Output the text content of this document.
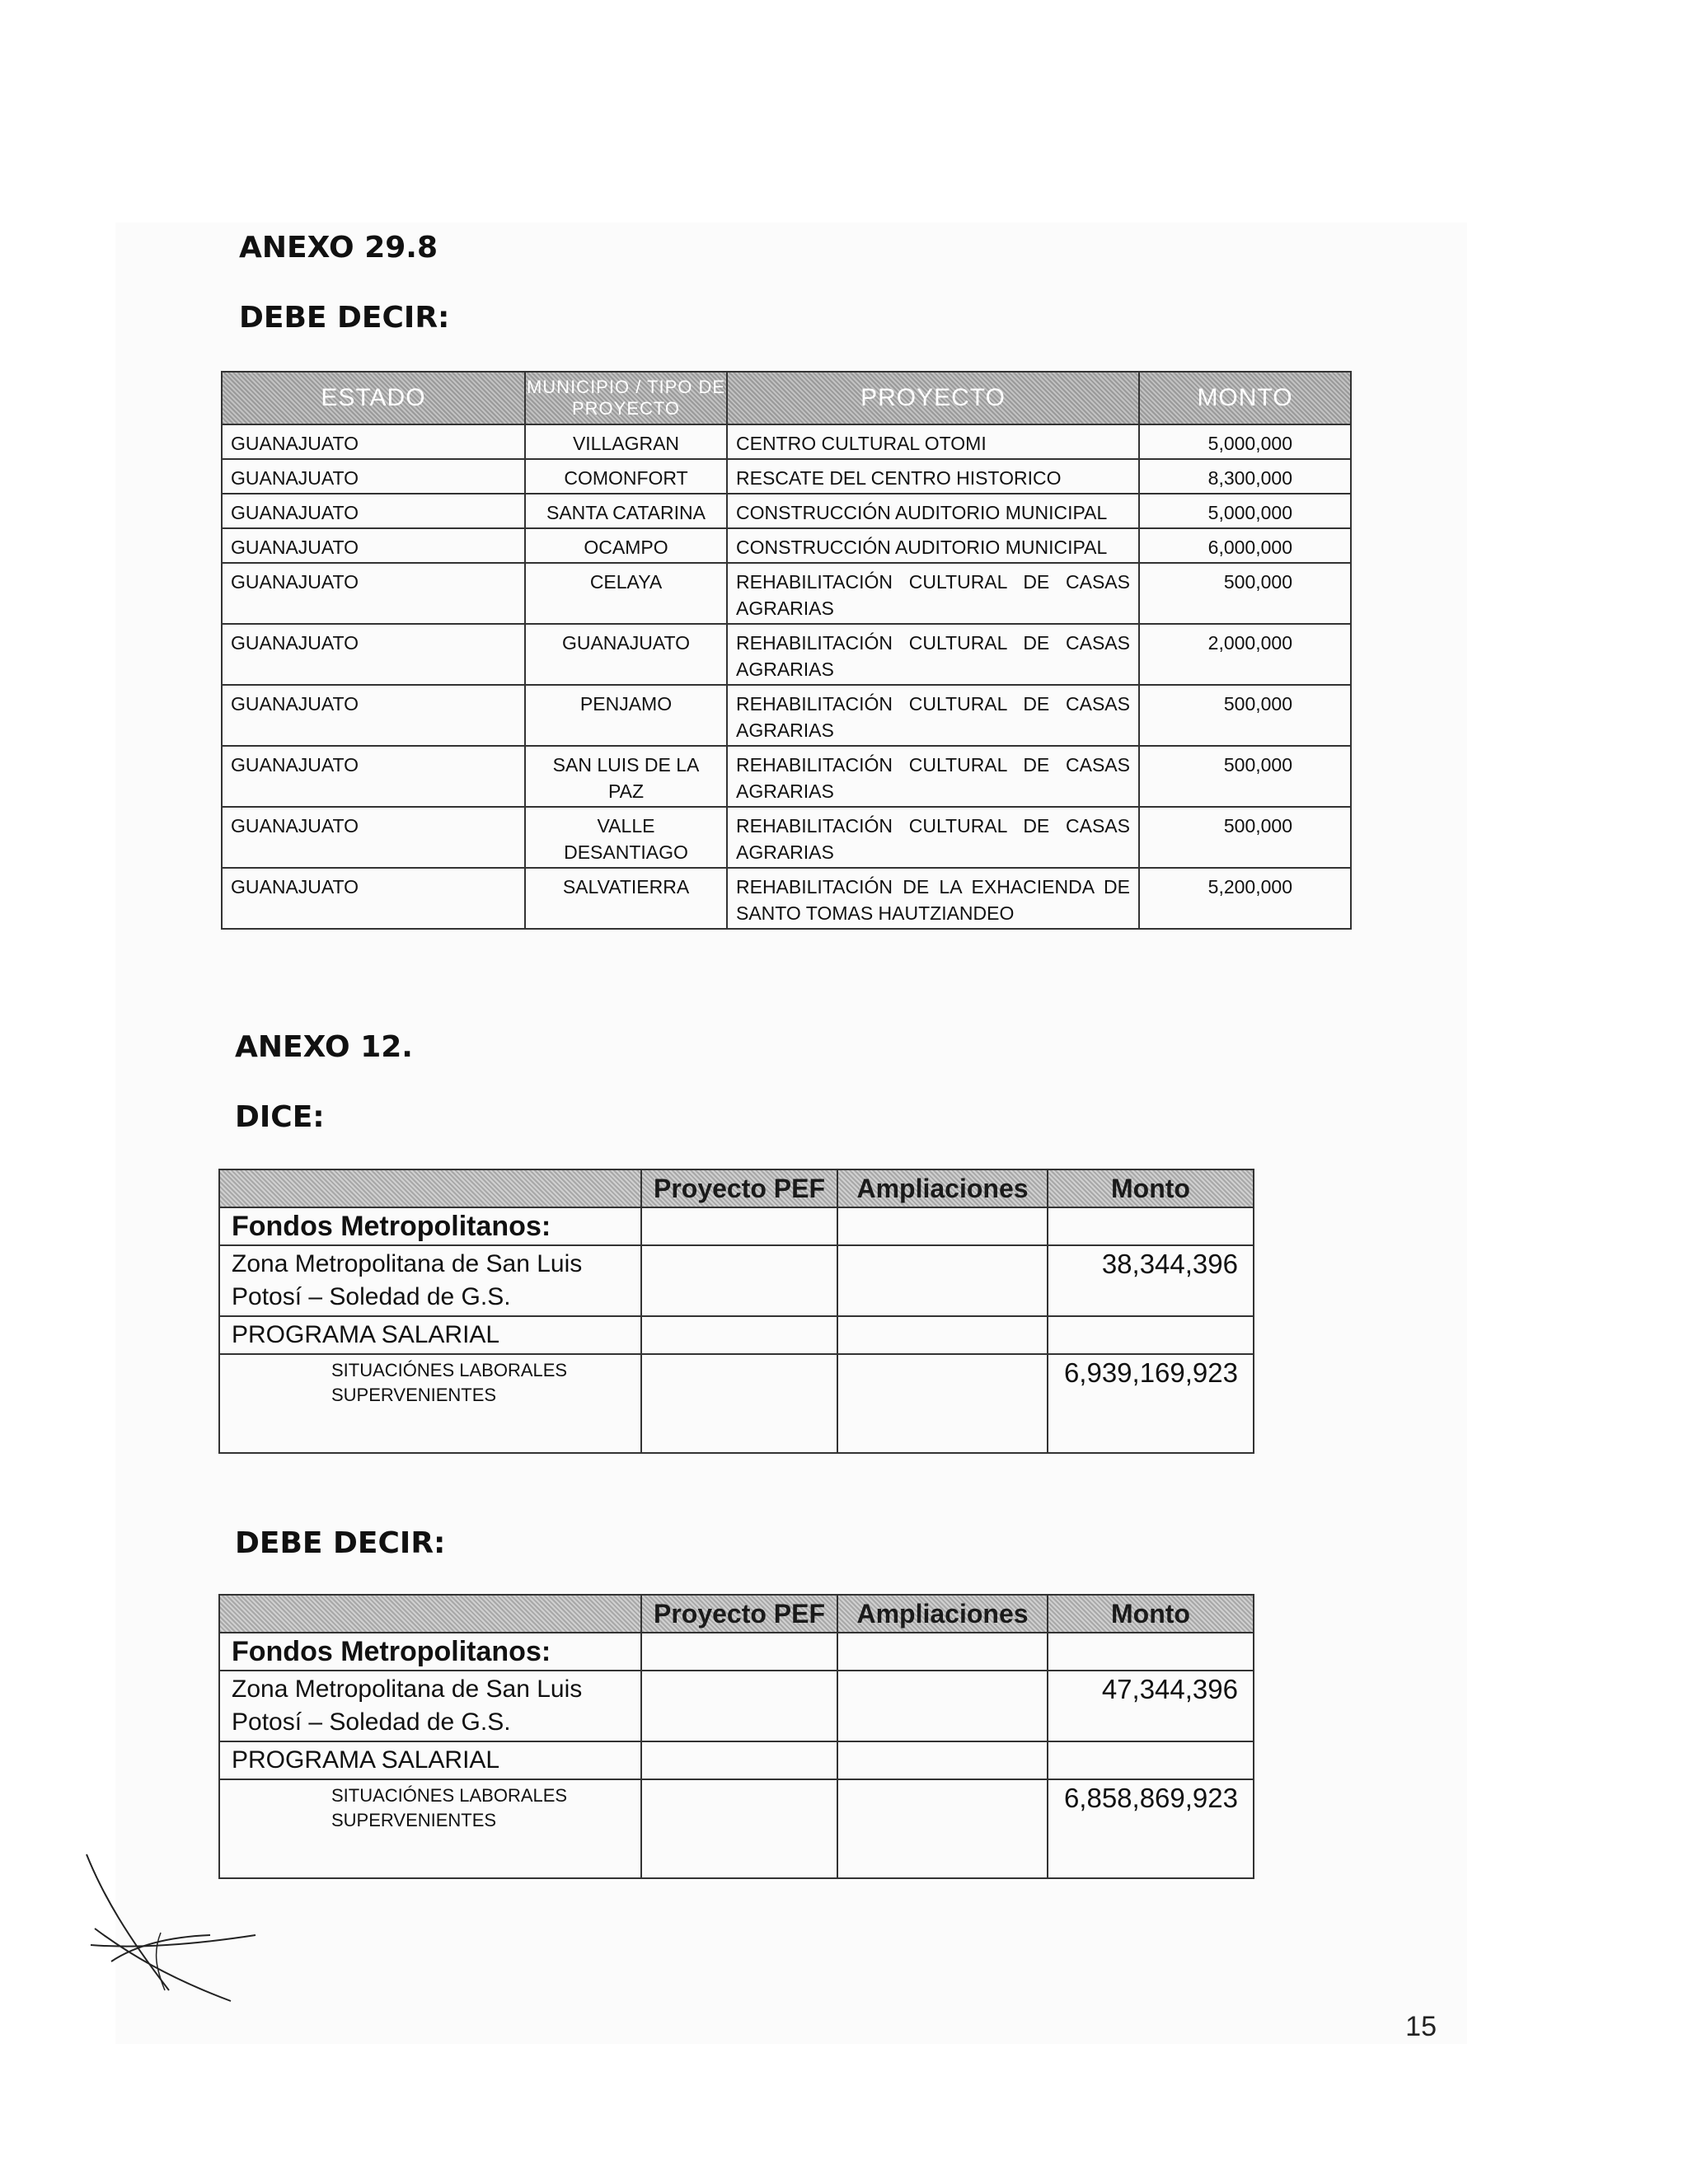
ANEXO 29.8
DEBE DECIR:
ESTADO	MUNICIPIO / TIPO DE PROYECTO	PROYECTO	MONTO
GUANAJUATO	VILLAGRAN	CENTRO CULTURAL OTOMI	5,000,000
GUANAJUATO	COMONFORT	RESCATE DEL CENTRO HISTORICO	8,300,000
GUANAJUATO	SANTA CATARINA	CONSTRUCCIÓN AUDITORIO MUNICIPAL	5,000,000
GUANAJUATO	OCAMPO	CONSTRUCCIÓN AUDITORIO MUNICIPAL	6,000,000
GUANAJUATO	CELAYA	REHABILITACIÓN CULTURAL DE CASAS AGRARIAS	500,000
GUANAJUATO	GUANAJUATO	REHABILITACIÓN CULTURAL DE CASAS AGRARIAS	2,000,000
GUANAJUATO	PENJAMO	REHABILITACIÓN CULTURAL DE CASAS AGRARIAS	500,000
GUANAJUATO	SAN LUIS DE LA PAZ	REHABILITACIÓN CULTURAL DE CASAS AGRARIAS	500,000
GUANAJUATO	VALLE DESANTIAGO	REHABILITACIÓN CULTURAL DE CASAS AGRARIAS	500,000
GUANAJUATO	SALVATIERRA	REHABILITACIÓN DE LA EXHACIENDA DE SANTO TOMAS HAUTZIANDEO	5,200,000
ANEXO 12.
DICE:
	Proyecto PEF	Ampliaciones	Monto
Fondos Metropolitanos:			
Zona Metropolitana de San Luis Potosí – Soledad de G.S.			38,344,396
PROGRAMA SALARIAL			
SITUACIÓNES LABORALES SUPERVENIENTES			6,939,169,923
DEBE DECIR:
	Proyecto PEF	Ampliaciones	Monto
Fondos Metropolitanos:			
Zona Metropolitana de San Luis Potosí – Soledad de G.S.			47,344,396
PROGRAMA SALARIAL			
SITUACIÓNES LABORALES SUPERVENIENTES			6,858,869,923
15
